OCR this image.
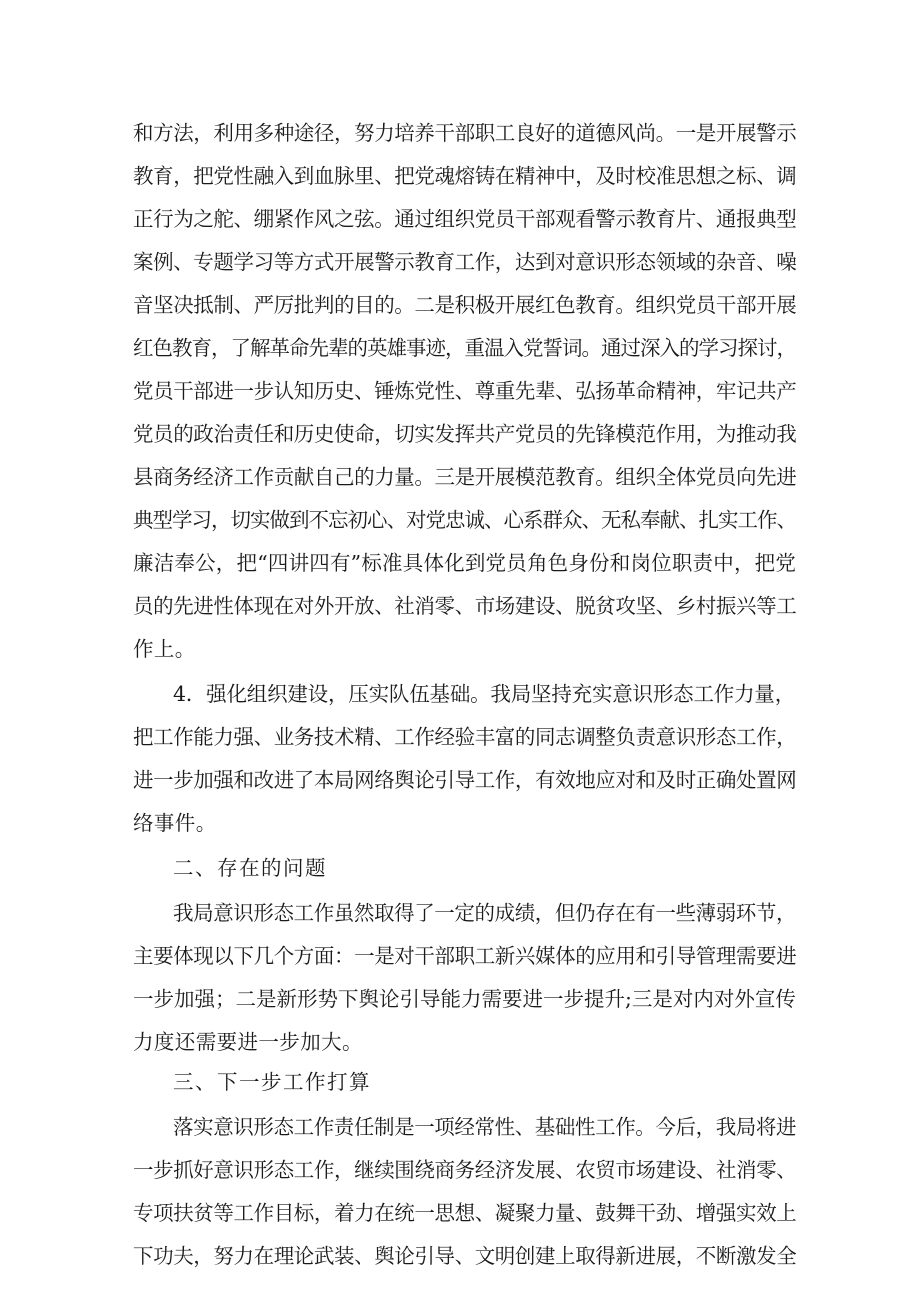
和方法，利用多种途径，努力培养干部职工良好的道德风尚。一是开展警示
教育，把党性融入到血脉里、把党魂熔铸在精神中，及时校准思想之标、调
正行为之舵、绷紧作风之弦。通过组织党员干部观看警示教育片、通报典型
案例、专题学习等方式开展警示教育工作，达到对意识形态领域的杂音、噪
音坚决抵制、严厉批判的目的。二是积极开展红色教育。组织党员干部开展
红色教育，了解革命先辈的英雄事迹，重温入党誓词。通过深入的学习探讨，
党员干部进一步认知历史、锤炼党性、尊重先辈、弘扬革命精神，牢记共产
党员的政治责任和历史使命，切实发挥共产党员的先锋模范作用，为推动我
县商务经济工作贡献自己的力量。三是开展模范教育。组织全体党员向先进
典型学习，切实做到不忘初心、对党忠诚、心系群众、无私奉献、扎实工作、
廉洁奉公，把“四讲四有”标准具体化到党员角色身份和岗位职责中，把党
员的先进性体现在对外开放、社消零、市场建设、脱贫攻坚、乡村振兴等工
作上。
4．强化组织建设，压实队伍基础。我局坚持充实意识形态工作力量，
把工作能力强、业务技术精、工作经验丰富的同志调整负责意识形态工作，
进一步加强和改进了本局网络舆论引导工作，有效地应对和及时正确处置网
络事件。
二、存在的问题
我局意识形态工作虽然取得了一定的成绩，但仍存在有一些薄弱环节，
主要体现以下几个方面：一是对干部职工新兴媒体的应用和引导管理需要进
一步加强；二是新形势下舆论引导能力需要进一步提升;三是对内对外宣传
力度还需要进一步加大。
三、下一步工作打算
落实意识形态工作责任制是一项经常性、基础性工作。今后，我局将进
一步抓好意识形态工作，继续围绕商务经济发展、农贸市场建设、社消零、
专项扶贫等工作目标，着力在统一思想、凝聚力量、鼓舞干劲、增强实效上
下功夫，努力在理论武装、舆论引导、文明创建上取得新进展，不断激发全
